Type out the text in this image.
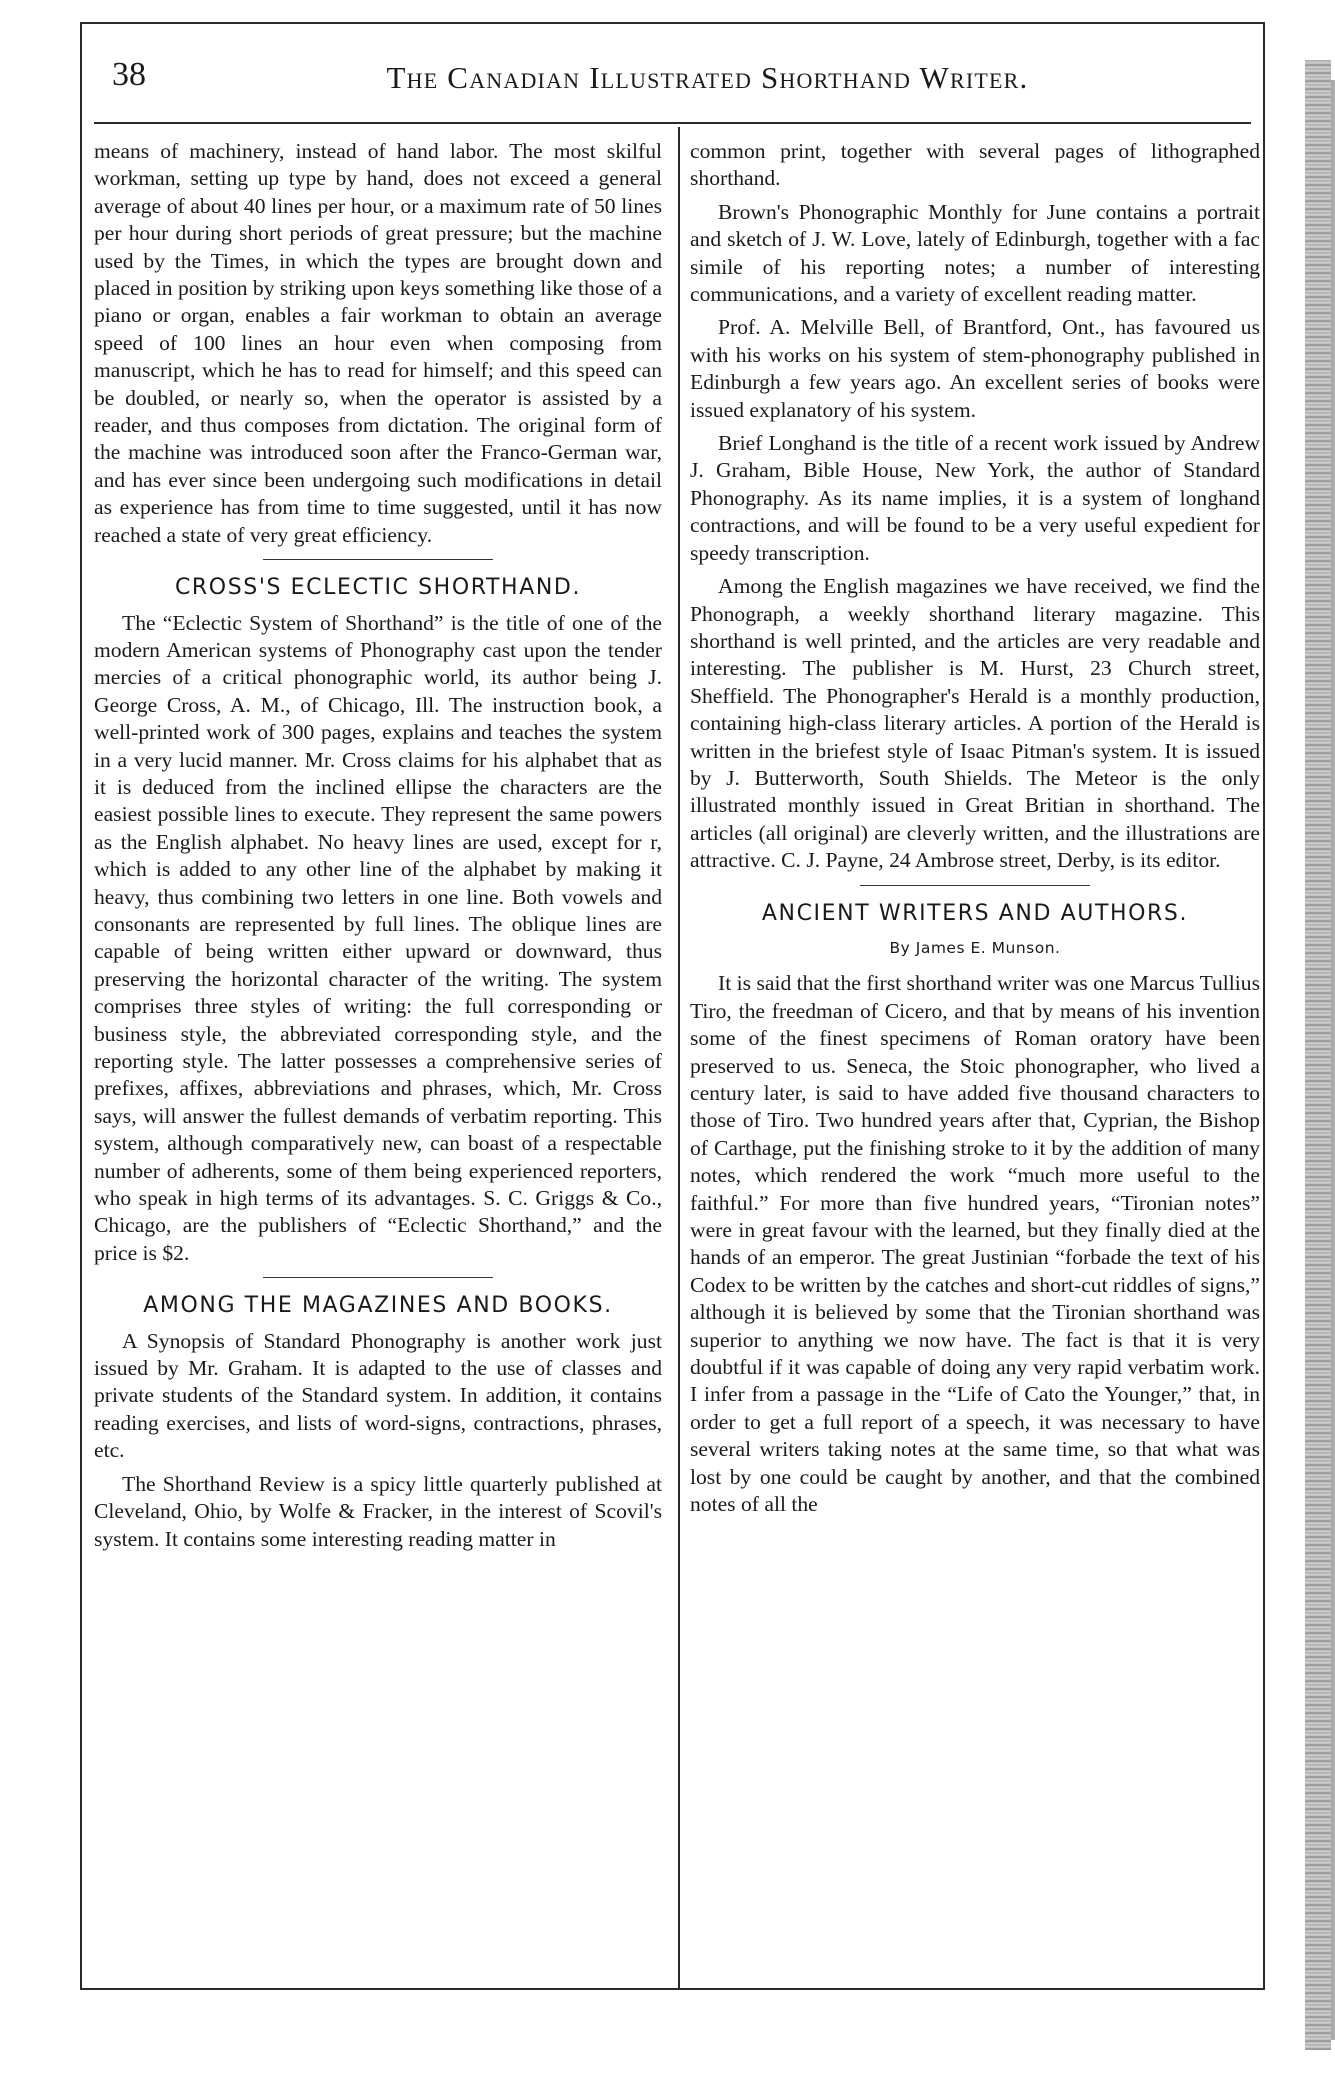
38	The Canadian Illustrated Shorthand Writer.

means of machinery, instead of hand labor. The most skilful workman, setting up type by hand, does not exceed a general average of about 40 lines per hour, or a maximum rate of 50 lines per hour during short periods of great pressure; but the machine used by the Times, in which the types are brought down and placed in position by striking upon keys something like those of a piano or organ, enables a fair workman to obtain an average speed of 100 lines an hour even when composing from manuscript, which he has to read for himself; and this speed can be doubled, or nearly so, when the operator is assisted by a reader, and thus composes from dictation. The original form of the machine was introduced soon after the Franco-German war, and has ever since been undergoing such modifications in detail as experience has from time to time suggested, until it has now reached a state of very great efficiency.

CROSS'S ECLECTIC SHORTHAND.

The “Eclectic System of Shorthand” is the title of one of the modern American systems of Phonography cast upon the tender mercies of a critical phonographic world, its author being J. George Cross, A. M., of Chicago, Ill. The instruction book, a well-printed work of 300 pages, explains and teaches the system in a very lucid manner. Mr. Cross claims for his alphabet that as it is deduced from the inclined ellipse the characters are the easiest possible lines to execute. They represent the same powers as the English alphabet. No heavy lines are used, except for r, which is added to any other line of the alphabet by making it heavy, thus combining two letters in one line. Both vowels and consonants are represented by full lines. The oblique lines are capable of being written either upward or downward, thus preserving the horizontal character of the writing. The system comprises three styles of writing: the full corresponding or business style, the abbreviated corresponding style, and the reporting style. The latter possesses a comprehensive series of prefixes, affixes, abbreviations and phrases, which, Mr. Cross says, will answer the fullest demands of verbatim reporting. This system, although comparatively new, can boast of a respectable number of adherents, some of them being experienced reporters, who speak in high terms of its advantages. S. C. Griggs & Co., Chicago, are the publishers of “Eclectic Shorthand,” and the price is $2.

AMONG THE MAGAZINES AND BOOKS.

A Synopsis of Standard Phonography is another work just issued by Mr. Graham. It is adapted to the use of classes and private students of the Standard system. In addition, it contains reading exercises, and lists of word-signs, contractions, phrases, etc.

The Shorthand Review is a spicy little quarterly published at Cleveland, Ohio, by Wolfe & Fracker, in the interest of Scovil's system. It contains some interesting reading matter in

common print, together with several pages of lithographed shorthand.

Brown's Phonographic Monthly for June contains a portrait and sketch of J. W. Love, lately of Edinburgh, together with a fac simile of his reporting notes; a number of interesting communications, and a variety of excellent reading matter.

Prof. A. Melville Bell, of Brantford, Ont., has favoured us with his works on his system of stem-phonography published in Edinburgh a few years ago. An excellent series of books were issued explanatory of his system.

Brief Longhand is the title of a recent work issued by Andrew J. Graham, Bible House, New York, the author of Standard Phonography. As its name implies, it is a system of longhand contractions, and will be found to be a very useful expedient for speedy transcription.

Among the English magazines we have received, we find the Phonograph, a weekly shorthand literary magazine. This shorthand is well printed, and the articles are very readable and interesting. The publisher is M. Hurst, 23 Church street, Sheffield. The Phonographer's Herald is a monthly production, containing high-class literary articles. A portion of the Herald is written in the briefest style of Isaac Pitman's system. It is issued by J. Butterworth, South Shields. The Meteor is the only illustrated monthly issued in Great Britian in shorthand. The articles (all original) are cleverly written, and the illustrations are attractive. C. J. Payne, 24 Ambrose street, Derby, is its editor.

ANCIENT WRITERS AND AUTHORS.
By James E. Munson.

It is said that the first shorthand writer was one Marcus Tullius Tiro, the freedman of Cicero, and that by means of his invention some of the finest specimens of Roman oratory have been preserved to us. Seneca, the Stoic phonographer, who lived a century later, is said to have added five thousand characters to those of Tiro. Two hundred years after that, Cyprian, the Bishop of Carthage, put the finishing stroke to it by the addition of many notes, which rendered the work “much more useful to the faithful.” For more than five hundred years, “Tironian notes” were in great favour with the learned, but they finally died at the hands of an emperor. The great Justinian “forbade the text of his Codex to be written by the catches and short-cut riddles of signs,” although it is believed by some that the Tironian shorthand was superior to anything we now have. The fact is that it is very doubtful if it was capable of doing any very rapid verbatim work. I infer from a passage in the “Life of Cato the Younger,” that, in order to get a full report of a speech, it was necessary to have several writers taking notes at the same time, so that what was lost by one could be caught by another, and that the combined notes of all the
